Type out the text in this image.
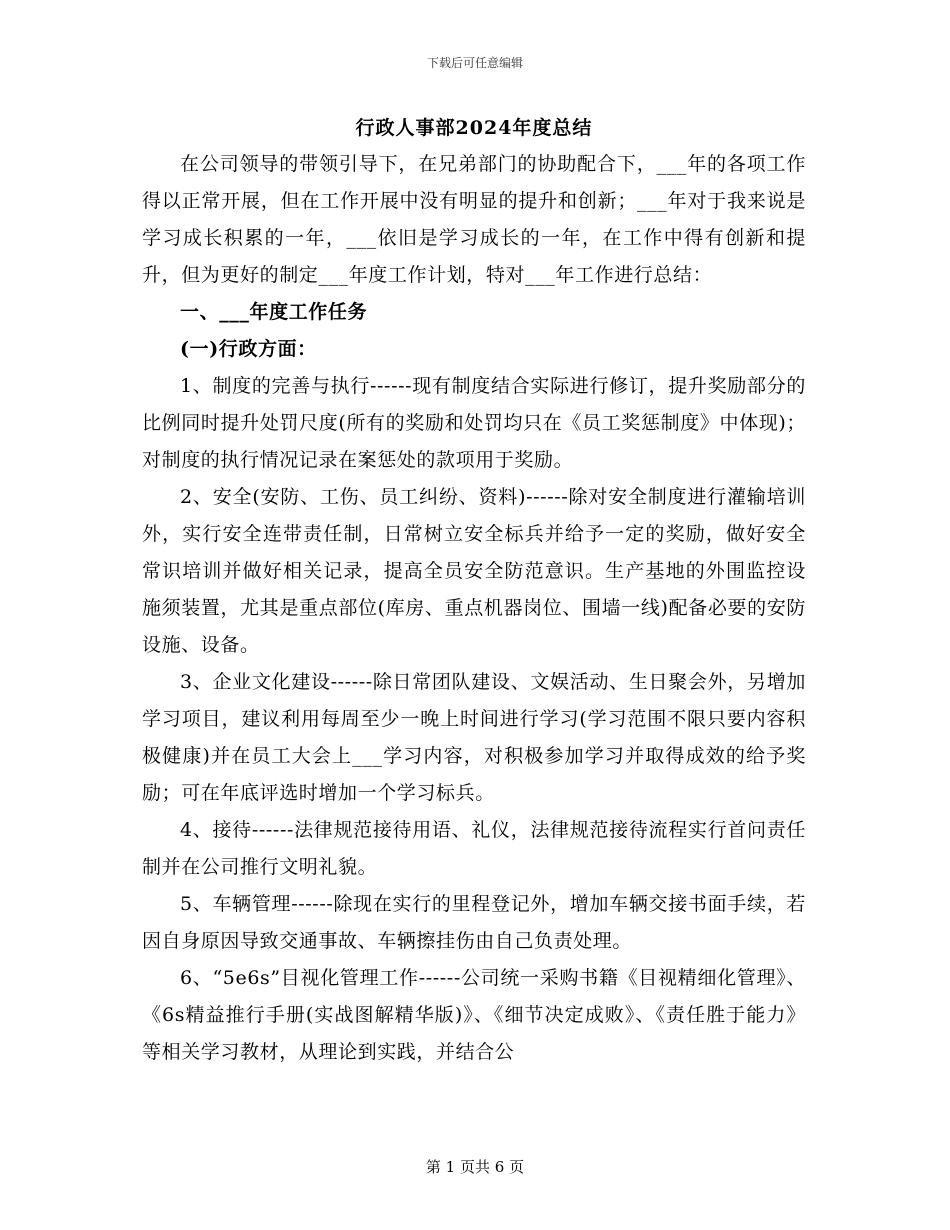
下载后可任意编辑
行政人事部2024年度总结

在公司领导的带领引导下，在兄弟部门的协助配合下，___年的各项工作得以正常开展，但在工作开展中没有明显的提升和创新；___年对于我来说是学习成长积累的一年，___依旧是学习成长的一年，在工作中得有创新和提升，但为更好的制定___年度工作计划，特对___年工作进行总结：

一、___年度工作任务

(一)行政方面：

1、制度的完善与执行------现有制度结合实际进行修订，提升奖励部分的比例同时提升处罚尺度(所有的奖励和处罚均只在《员工奖惩制度》中体现)；对制度的执行情况记录在案惩处的款项用于奖励。

2、安全(安防、工伤、员工纠纷、资料)------除对安全制度进行灌输培训外，实行安全连带责任制，日常树立安全标兵并给予一定的奖励，做好安全常识培训并做好相关记录，提高全员安全防范意识。生产基地的外围监控设施须装置，尤其是重点部位(库房、重点机器岗位、围墙一线)配备必要的安防设施、设备。

3、企业文化建设------除日常团队建设、文娱活动、生日聚会外，另增加学习项目，建议利用每周至少一晚上时间进行学习(学习范围不限只要内容积极健康)并在员工大会上___学习内容，对积极参加学习并取得成效的给予奖励；可在年底评选时增加一个学习标兵。

4、接待------法律规范接待用语、礼仪，法律规范接待流程实行首问责任制并在公司推行文明礼貌。

5、车辆管理------除现在实行的里程登记外，增加车辆交接书面手续，若因自身原因导致交通事故、车辆擦挂伤由自己负责处理。

6、“5e6s”目视化管理工作------公司统一采购书籍《目视精细化管理》、《6s精益推行手册(实战图解精华版)》、《细节决定成败》、《责任胜于能力》等相关学习教材，从理论到实践，并结合公

第 1 页共 6 页
